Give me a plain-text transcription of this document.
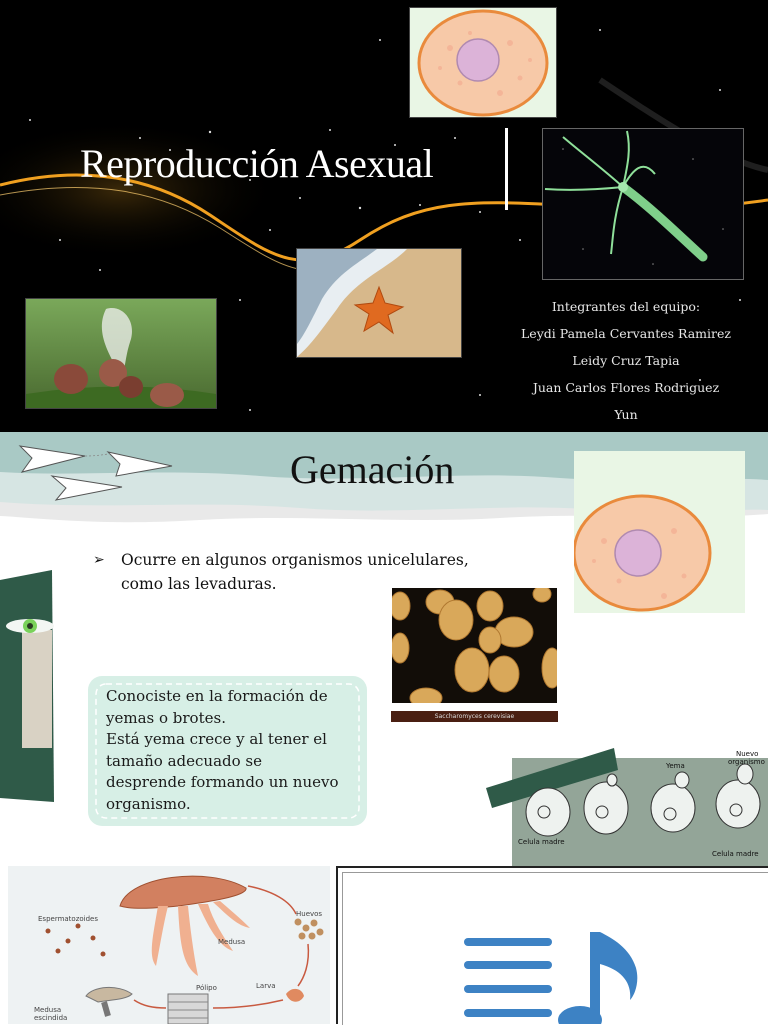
Reproducción Asexual
Integrantes del equipo:
Leydi Pamela Cervantes Ramirez
Leidy Cruz Tapia
Juan Carlos Flores Rodriguez
Yun
Gemación
➢ Ocurre en algunos organismos unicelulares, como las levaduras.
Saccharomyces cerevisiae
Conociste en la formación de
yemas o brotes.
Está yema crece y al tener el
tamaño adecuado se
desprende formando un nuevo
organismo.
Yema
Nuevo
organismo
Celula madre
Celula madre
Espermatozoides
Medusa
Huevos
Larva
Pólipo
Medusa
escindida
